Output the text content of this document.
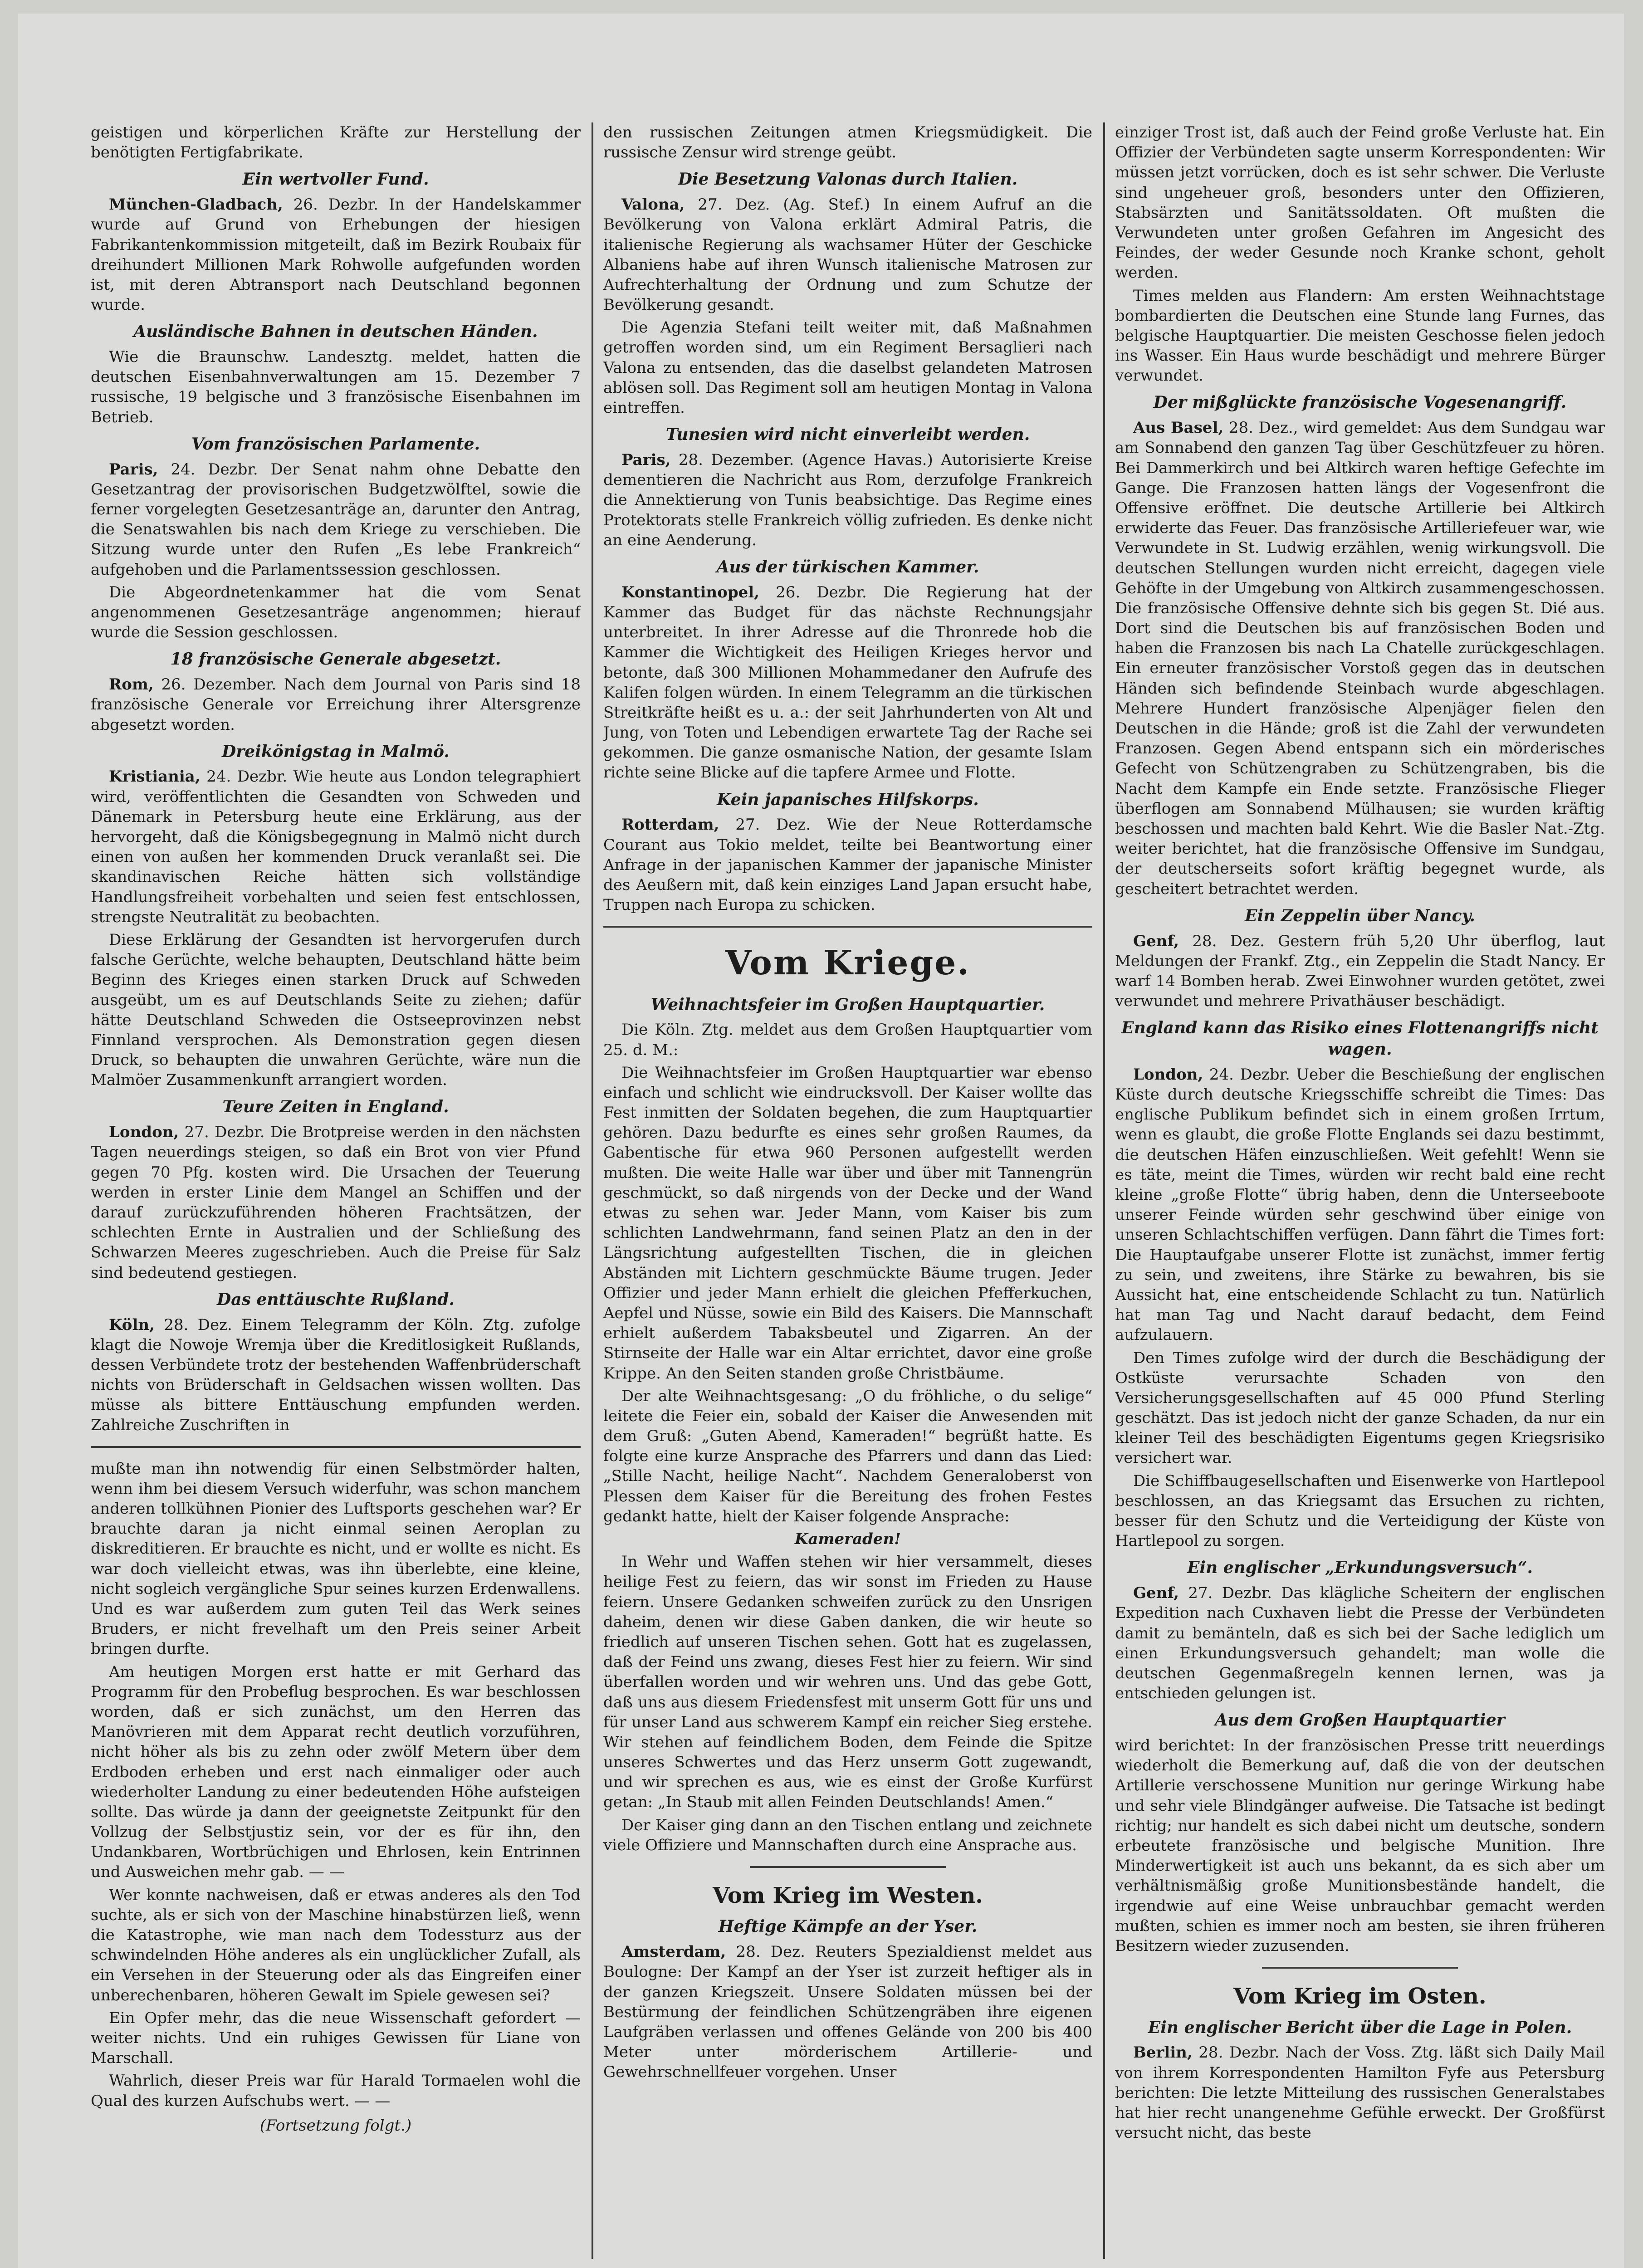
geistigen und körperlichen Kräfte zur Herstellung der benötigten Fertigfabrikate.

Ein wertvoller Fund.

München-Gladbach, 26. Dezbr. In der Handelskammer wurde auf Grund von Erhebungen der hiesigen Fabrikantenkommission mitgeteilt, daß im Bezirk Roubaix für dreihundert Millionen Mark Rohwolle aufgefunden worden ist, mit deren Abtransport nach Deutschland begonnen wurde.

Ausländische Bahnen in deutschen Händen.

Wie die Braunschw. Landesztg. meldet, hatten die deutschen Eisenbahnverwaltungen am 15. Dezember 7 russische, 19 belgische und 3 französische Eisenbahnen im Betrieb.

Vom französischen Parlamente.

Paris, 24. Dezbr. Der Senat nahm ohne Debatte den Gesetzantrag der provisorischen Budgetzwölftel, sowie die ferner vorgelegten Gesetzesanträge an, darunter den Antrag, die Senatswahlen bis nach dem Kriege zu verschieben. Die Sitzung wurde unter den Rufen „Es lebe Frankreich“ aufgehoben und die Parlamentssession geschlossen.

Die Abgeordnetenkammer hat die vom Senat angenommenen Gesetzesanträge angenommen; hierauf wurde die Session geschlossen.

18 französische Generale abgesetzt.

Rom, 26. Dezember. Nach dem Journal von Paris sind 18 französische Generale vor Erreichung ihrer Altersgrenze abgesetzt worden.

Dreikönigstag in Malmö.

Kristiania, 24. Dezbr. Wie heute aus London telegraphiert wird, veröffentlichten die Gesandten von Schweden und Dänemark in Petersburg heute eine Erklärung, aus der hervorgeht, daß die Königsbegegnung in Malmö nicht durch einen von außen her kommenden Druck veranlaßt sei. Die skandinavischen Reiche hätten sich vollständige Handlungsfreiheit vorbehalten und seien fest entschlossen, strengste Neutralität zu beobachten.

Diese Erklärung der Gesandten ist hervorgerufen durch falsche Gerüchte, welche behaupten, Deutschland hätte beim Beginn des Krieges einen starken Druck auf Schweden ausgeübt, um es auf Deutschlands Seite zu ziehen; dafür hätte Deutschland Schweden die Ostseeprovinzen nebst Finnland versprochen. Als Demonstration gegen diesen Druck, so behaupten die unwahren Gerüchte, wäre nun die Malmöer Zusammenkunft arrangiert worden.

Teure Zeiten in England.

London, 27. Dezbr. Die Brotpreise werden in den nächsten Tagen neuerdings steigen, so daß ein Brot von vier Pfund gegen 70 Pfg. kosten wird. Die Ursachen der Teuerung werden in erster Linie dem Mangel an Schiffen und der darauf zurückzuführenden höheren Frachtsätzen, der schlechten Ernte in Australien und der Schließung des Schwarzen Meeres zugeschrieben. Auch die Preise für Salz sind bedeutend gestiegen.

Das enttäuschte Rußland.

Köln, 28. Dez. Einem Telegramm der Köln. Ztg. zufolge klagt die Nowoje Wremja über die Kreditlosigkeit Rußlands, dessen Verbündete trotz der bestehenden Waffenbrüderschaft nichts von Brüderschaft in Geldsachen wissen wollten. Das müsse als bittere Enttäuschung empfunden werden. Zahlreiche Zuschriften in

mußte man ihn notwendig für einen Selbstmörder halten, wenn ihm bei diesem Versuch widerfuhr, was schon manchem anderen tollkühnen Pionier des Luftsports geschehen war? Er brauchte daran ja nicht einmal seinen Aeroplan zu diskreditieren. Er brauchte es nicht, und er wollte es nicht. Es war doch vielleicht etwas, was ihn überlebte, eine kleine, nicht sogleich vergängliche Spur seines kurzen Erdenwallens. Und es war außerdem zum guten Teil das Werk seines Bruders, er nicht frevelhaft um den Preis seiner Arbeit bringen durfte.

Am heutigen Morgen erst hatte er mit Gerhard das Programm für den Probeflug besprochen. Es war beschlossen worden, daß er sich zunächst, um den Herren das Manövrieren mit dem Apparat recht deutlich vorzuführen, nicht höher als bis zu zehn oder zwölf Metern über dem Erdboden erheben und erst nach einmaliger oder auch wiederholter Landung zu einer bedeutenden Höhe aufsteigen sollte. Das würde ja dann der geeignetste Zeitpunkt für den Vollzug der Selbstjustiz sein, vor der es für ihn, den Undankbaren, Wortbrüchigen und Ehrlosen, kein Entrinnen und Ausweichen mehr gab. — —

Wer konnte nachweisen, daß er etwas anderes als den Tod suchte, als er sich von der Maschine hinabstürzen ließ, wenn die Katastrophe, wie man nach dem Todessturz aus der schwindelnden Höhe anderes als ein unglücklicher Zufall, als ein Versehen in der Steuerung oder als das Eingreifen einer unberechenbaren, höheren Gewalt im Spiele gewesen sei?

Ein Opfer mehr, das die neue Wissenschaft gefordert — weiter nichts. Und ein ruhiges Gewissen für Liane von Marschall.

Wahrlich, dieser Preis war für Harald Tormaelen wohl die Qual des kurzen Aufschubs wert. — —

(Fortsetzung folgt.)

den russischen Zeitungen atmen Kriegsmüdigkeit. Die russische Zensur wird strenge geübt.

Die Besetzung Valonas durch Italien.

Valona, 27. Dez. (Ag. Stef.) In einem Aufruf an die Bevölkerung von Valona erklärt Admiral Patris, die italienische Regierung als wachsamer Hüter der Geschicke Albaniens habe auf ihren Wunsch italienische Matrosen zur Aufrechterhaltung der Ordnung und zum Schutze der Bevölkerung gesandt.

Die Agenzia Stefani teilt weiter mit, daß Maßnahmen getroffen worden sind, um ein Regiment Bersaglieri nach Valona zu entsenden, das die daselbst gelandeten Matrosen ablösen soll. Das Regiment soll am heutigen Montag in Valona eintreffen.

Tunesien wird nicht einverleibt werden.

Paris, 28. Dezember. (Agence Havas.) Autorisierte Kreise dementieren die Nachricht aus Rom, derzufolge Frankreich die Annektierung von Tunis beabsichtige. Das Regime eines Protektorats stelle Frankreich völlig zufrieden. Es denke nicht an eine Aenderung.

Aus der türkischen Kammer.

Konstantinopel, 26. Dezbr. Die Regierung hat der Kammer das Budget für das nächste Rechnungsjahr unterbreitet. In ihrer Adresse auf die Thronrede hob die Kammer die Wichtigkeit des Heiligen Krieges hervor und betonte, daß 300 Millionen Mohammedaner den Aufrufe des Kalifen folgen würden. In einem Telegramm an die türkischen Streitkräfte heißt es u. a.: der seit Jahrhunderten von Alt und Jung, von Toten und Lebendigen erwartete Tag der Rache sei gekommen. Die ganze osmanische Nation, der gesamte Islam richte seine Blicke auf die tapfere Armee und Flotte.

Kein japanisches Hilfskorps.

Rotterdam, 27. Dez. Wie der Neue Rotterdamsche Courant aus Tokio meldet, teilte bei Beantwortung einer Anfrage in der japanischen Kammer der japanische Minister des Aeußern mit, daß kein einziges Land Japan ersucht habe, Truppen nach Europa zu schicken.

Vom Kriege.
Weihnachtsfeier im Großen Hauptquartier.

Die Köln. Ztg. meldet aus dem Großen Hauptquartier vom 25. d. M.:

Die Weihnachtsfeier im Großen Hauptquartier war ebenso einfach und schlicht wie eindrucksvoll. Der Kaiser wollte das Fest inmitten der Soldaten begehen, die zum Hauptquartier gehören. Dazu bedurfte es eines sehr großen Raumes, da Gabentische für etwa 960 Personen aufgestellt werden mußten. Die weite Halle war über und über mit Tannengrün geschmückt, so daß nirgends von der Decke und der Wand etwas zu sehen war. Jeder Mann, vom Kaiser bis zum schlichten Landwehrmann, fand seinen Platz an den in der Längsrichtung aufgestellten Tischen, die in gleichen Abständen mit Lichtern geschmückte Bäume trugen. Jeder Offizier und jeder Mann erhielt die gleichen Pfefferkuchen, Aepfel und Nüsse, sowie ein Bild des Kaisers. Die Mannschaft erhielt außerdem Tabaksbeutel und Zigarren. An der Stirnseite der Halle war ein Altar errichtet, davor eine große Krippe. An den Seiten standen große Christbäume.

Der alte Weihnachtsgesang: „O du fröhliche, o du selige“ leitete die Feier ein, sobald der Kaiser die Anwesenden mit dem Gruß: „Guten Abend, Kameraden!“ begrüßt hatte. Es folgte eine kurze Ansprache des Pfarrers und dann das Lied: „Stille Nacht, heilige Nacht“. Nachdem Generaloberst von Plessen dem Kaiser für die Bereitung des frohen Festes gedankt hatte, hielt der Kaiser folgende Ansprache:

Kameraden!

In Wehr und Waffen stehen wir hier versammelt, dieses heilige Fest zu feiern, das wir sonst im Frieden zu Hause feiern. Unsere Gedanken schweifen zurück zu den Unsrigen daheim, denen wir diese Gaben danken, die wir heute so friedlich auf unseren Tischen sehen. Gott hat es zugelassen, daß der Feind uns zwang, dieses Fest hier zu feiern. Wir sind überfallen worden und wir wehren uns. Und das gebe Gott, daß uns aus diesem Friedensfest mit unserm Gott für uns und für unser Land aus schwerem Kampf ein reicher Sieg erstehe. Wir stehen auf feindlichem Boden, dem Feinde die Spitze unseres Schwertes und das Herz unserm Gott zugewandt, und wir sprechen es aus, wie es einst der Große Kurfürst getan: „In Staub mit allen Feinden Deutschlands! Amen.“

Der Kaiser ging dann an den Tischen entlang und zeichnete viele Offiziere und Mannschaften durch eine Ansprache aus.

Vom Krieg im Westen.
Heftige Kämpfe an der Yser.

Amsterdam, 28. Dez. Reuters Spezialdienst meldet aus Boulogne: Der Kampf an der Yser ist zurzeit heftiger als in der ganzen Kriegszeit. Unsere Soldaten müssen bei der Bestürmung der feindlichen Schützengräben ihre eigenen Laufgräben verlassen und offenes Gelände von 200 bis 400 Meter unter mörderischem Artillerie- und Gewehrschnellfeuer vorgehen. Unser

einziger Trost ist, daß auch der Feind große Verluste hat. Ein Offizier der Verbündeten sagte unserm Korrespondenten: Wir müssen jetzt vorrücken, doch es ist sehr schwer. Die Verluste sind ungeheuer groß, besonders unter den Offizieren, Stabsärzten und Sanitätssoldaten. Oft mußten die Verwundeten unter großen Gefahren im Angesicht des Feindes, der weder Gesunde noch Kranke schont, geholt werden.

Times melden aus Flandern: Am ersten Weihnachtstage bombardierten die Deutschen eine Stunde lang Furnes, das belgische Hauptquartier. Die meisten Geschosse fielen jedoch ins Wasser. Ein Haus wurde beschädigt und mehrere Bürger verwundet.

Der mißglückte französische Vogesenangriff.

Aus Basel, 28. Dez., wird gemeldet: Aus dem Sundgau war am Sonnabend den ganzen Tag über Geschützfeuer zu hören. Bei Dammerkirch und bei Altkirch waren heftige Gefechte im Gange. Die Franzosen hatten längs der Vogesenfront die Offensive eröffnet. Die deutsche Artillerie bei Altkirch erwiderte das Feuer. Das französische Artilleriefeuer war, wie Verwundete in St. Ludwig erzählen, wenig wirkungsvoll. Die deutschen Stellungen wurden nicht erreicht, dagegen viele Gehöfte in der Umgebung von Altkirch zusammengeschossen. Die französische Offensive dehnte sich bis gegen St. Dié aus. Dort sind die Deutschen bis auf französischen Boden und haben die Franzosen bis nach La Chatelle zurückgeschlagen. Ein erneuter französischer Vorstoß gegen das in deutschen Händen sich befindende Steinbach wurde abgeschlagen. Mehrere Hundert französische Alpenjäger fielen den Deutschen in die Hände; groß ist die Zahl der verwundeten Franzosen. Gegen Abend entspann sich ein mörderisches Gefecht von Schützengraben zu Schützengraben, bis die Nacht dem Kampfe ein Ende setzte. Französische Flieger überflogen am Sonnabend Mülhausen; sie wurden kräftig beschossen und machten bald Kehrt. Wie die Basler Nat.-Ztg. weiter berichtet, hat die französische Offensive im Sundgau, der deutscherseits sofort kräftig begegnet wurde, als gescheitert betrachtet werden.

Ein Zeppelin über Nancy.

Genf, 28. Dez. Gestern früh 5,20 Uhr überflog, laut Meldungen der Frankf. Ztg., ein Zeppelin die Stadt Nancy. Er warf 14 Bomben herab. Zwei Einwohner wurden getötet, zwei verwundet und mehrere Privathäuser beschädigt.

England kann das Risiko eines Flottenangriffs nicht wagen.

London, 24. Dezbr. Ueber die Beschießung der englischen Küste durch deutsche Kriegsschiffe schreibt die Times: Das englische Publikum befindet sich in einem großen Irrtum, wenn es glaubt, die große Flotte Englands sei dazu bestimmt, die deutschen Häfen einzuschließen. Weit gefehlt! Wenn sie es täte, meint die Times, würden wir recht bald eine recht kleine „große Flotte“ übrig haben, denn die Unterseeboote unserer Feinde würden sehr geschwind über einige von unseren Schlachtschiffen verfügen. Dann fährt die Times fort: Die Hauptaufgabe unserer Flotte ist zunächst, immer fertig zu sein, und zweitens, ihre Stärke zu bewahren, bis sie Aussicht hat, eine entscheidende Schlacht zu tun. Natürlich hat man Tag und Nacht darauf bedacht, dem Feind aufzulauern.

Den Times zufolge wird der durch die Beschädigung der Ostküste verursachte Schaden von den Versicherungsgesellschaften auf 45 000 Pfund Sterling geschätzt. Das ist jedoch nicht der ganze Schaden, da nur ein kleiner Teil des beschädigten Eigentums gegen Kriegsrisiko versichert war.

Die Schiffbaugesellschaften und Eisenwerke von Hartlepool beschlossen, an das Kriegsamt das Ersuchen zu richten, besser für den Schutz und die Verteidigung der Küste von Hartlepool zu sorgen.

Ein englischer „Erkundungsversuch“.

Genf, 27. Dezbr. Das klägliche Scheitern der englischen Expedition nach Cuxhaven liebt die Presse der Verbündeten damit zu bemänteln, daß es sich bei der Sache lediglich um einen Erkundungsversuch gehandelt; man wolle die deutschen Gegenmaßregeln kennen lernen, was ja entschieden gelungen ist.

Aus dem Großen Hauptquartier

wird berichtet: In der französischen Presse tritt neuerdings wiederholt die Bemerkung auf, daß die von der deutschen Artillerie verschossene Munition nur geringe Wirkung habe und sehr viele Blindgänger aufweise. Die Tatsache ist bedingt richtig; nur handelt es sich dabei nicht um deutsche, sondern erbeutete französische und belgische Munition. Ihre Minderwertigkeit ist auch uns bekannt, da es sich aber um verhältnismäßig große Munitionsbestände handelt, die irgendwie auf eine Weise unbrauchbar gemacht werden mußten, schien es immer noch am besten, sie ihren früheren Besitzern wieder zuzusenden.

Vom Krieg im Osten.
Ein englischer Bericht über die Lage in Polen.

Berlin, 28. Dezbr. Nach der Voss. Ztg. läßt sich Daily Mail von ihrem Korrespondenten Hamilton Fyfe aus Petersburg berichten: Die letzte Mitteilung des russischen Generalstabes hat hier recht unangenehme Gefühle erweckt. Der Großfürst versucht nicht, das beste
